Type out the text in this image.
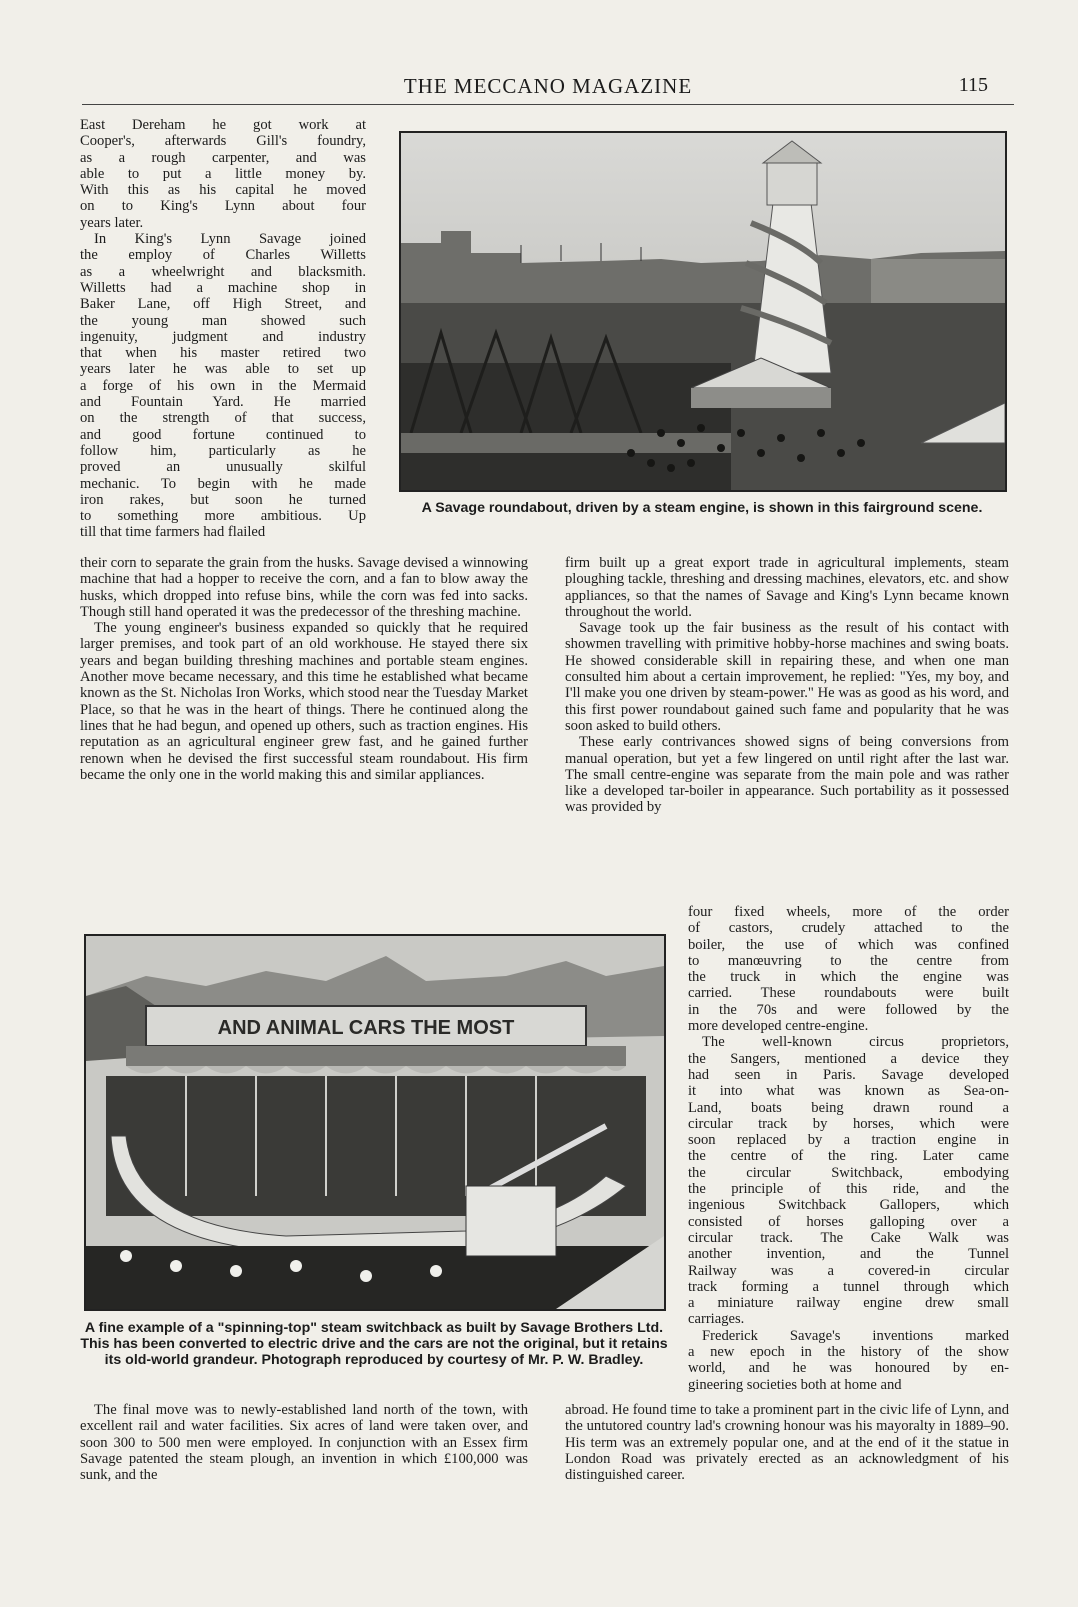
THE MECCANO MAGAZINE	115
East Dereham he got work at
Cooper's, afterwards Gill's foundry,
as a rough carpenter, and was
able to put a little money by.
With this as his capital he moved
on to King's Lynn about four
years later.
In King's Lynn Savage joined
the employ of Charles Willetts
as a wheelwright and blacksmith.
Willetts had a machine shop in
Baker Lane, off High Street, and
the young man showed such
ingenuity, judgment and industry
that when his master retired two
years later he was able to set up
a forge of his own in the Mermaid
and Fountain Yard. He married
on the strength of that success,
and good fortune continued to
follow him, particularly as he
proved an unusually skilful
mechanic. To begin with he made
iron rakes, but soon he turned
to something more ambitious. Up
till that time farmers had flailed
A Savage roundabout, driven by a steam engine, is shown in this fairground scene.

their corn to separate the grain from the husks. Savage devised a winnowing machine that had a hopper to receive the corn, and a fan to blow away the husks, which dropped into refuse bins, while the corn was fed into sacks. Though still hand operated it was the predecessor of the threshing machine.

The young engineer's business expanded so quickly that he required larger premises, and took part of an old workhouse. He stayed there six years and began building threshing machines and portable steam engines. Another move became necessary, and this time he established what became known as the St. Nicholas Iron Works, which stood near the Tuesday Market Place, so that he was in the heart of things. There he continued along the lines that he had begun, and opened up others, such as traction engines. His reputation as an agricultural engineer grew fast, and he gained further renown when he devised the first successful steam roundabout. His firm became the only one in the world making this and similar appliances.

firm built up a great export trade in agricultural implements, steam ploughing tackle, threshing and dressing machines, elevators, etc. and show appliances, so that the names of Savage and King's Lynn became known throughout the world.

Savage took up the fair business as the result of his contact with showmen travelling with primitive hobby-horse machines and swing boats. He showed considerable skill in repairing these, and when one man consulted him about a certain improvement, he replied: "Yes, my boy, and I'll make you one driven by steam-power." He was as good as his word, and this first power roundabout gained such fame and popularity that he was soon asked to build others.

These early contrivances showed signs of being conversions from manual operation, but yet a few lingered on until right after the last war. The small centre-engine was separate from the main pole and was rather like a developed tar-boiler in appearance. Such portability as it possessed was provided by

four fixed wheels, more of the order
of castors, crudely attached to the
boiler, the use of which was confined
to manœuvring to the centre from
the truck in which the engine was
carried. These roundabouts were built
in the 70s and were followed by the
more developed centre-engine.
The well-known circus proprietors,
the Sangers, mentioned a device they
had seen in Paris. Savage developed
it into what was known as Sea-on-
Land, boats being drawn round a
circular track by horses, which were
soon replaced by a traction engine in
the centre of the ring. Later came
the circular Switchback, embodying
the principle of this ride, and the
ingenious Switchback Gallopers, which
consisted of horses galloping over a
circular track. The Cake Walk was
another invention, and the Tunnel
Railway was a covered-in circular
track forming a tunnel through which
a miniature railway engine drew small
carriages.
Frederick Savage's inventions marked
a new epoch in the history of the show
world, and he was honoured by en-
gineering societies both at home and
AND ANIMAL CARS THE MOST
A fine example of a "spinning-top" steam switchback as built by Savage Brothers Ltd. This has been converted to electric drive and the cars are not the original, but it retains its old-world grandeur. Photograph reproduced by courtesy of Mr. P. W. Bradley.

The final move was to newly-established land north of the town, with excellent rail and water facilities. Six acres of land were taken over, and soon 300 to 500 men were employed. In conjunction with an Essex firm Savage patented the steam plough, an invention in which £100,000 was sunk, and the

abroad. He found time to take a prominent part in the civic life of Lynn, and the untutored country lad's crowning honour was his mayoralty in 1889–90. His term was an extremely popular one, and at the end of it the statue in London Road was privately erected as an acknowledgment of his distinguished career.
